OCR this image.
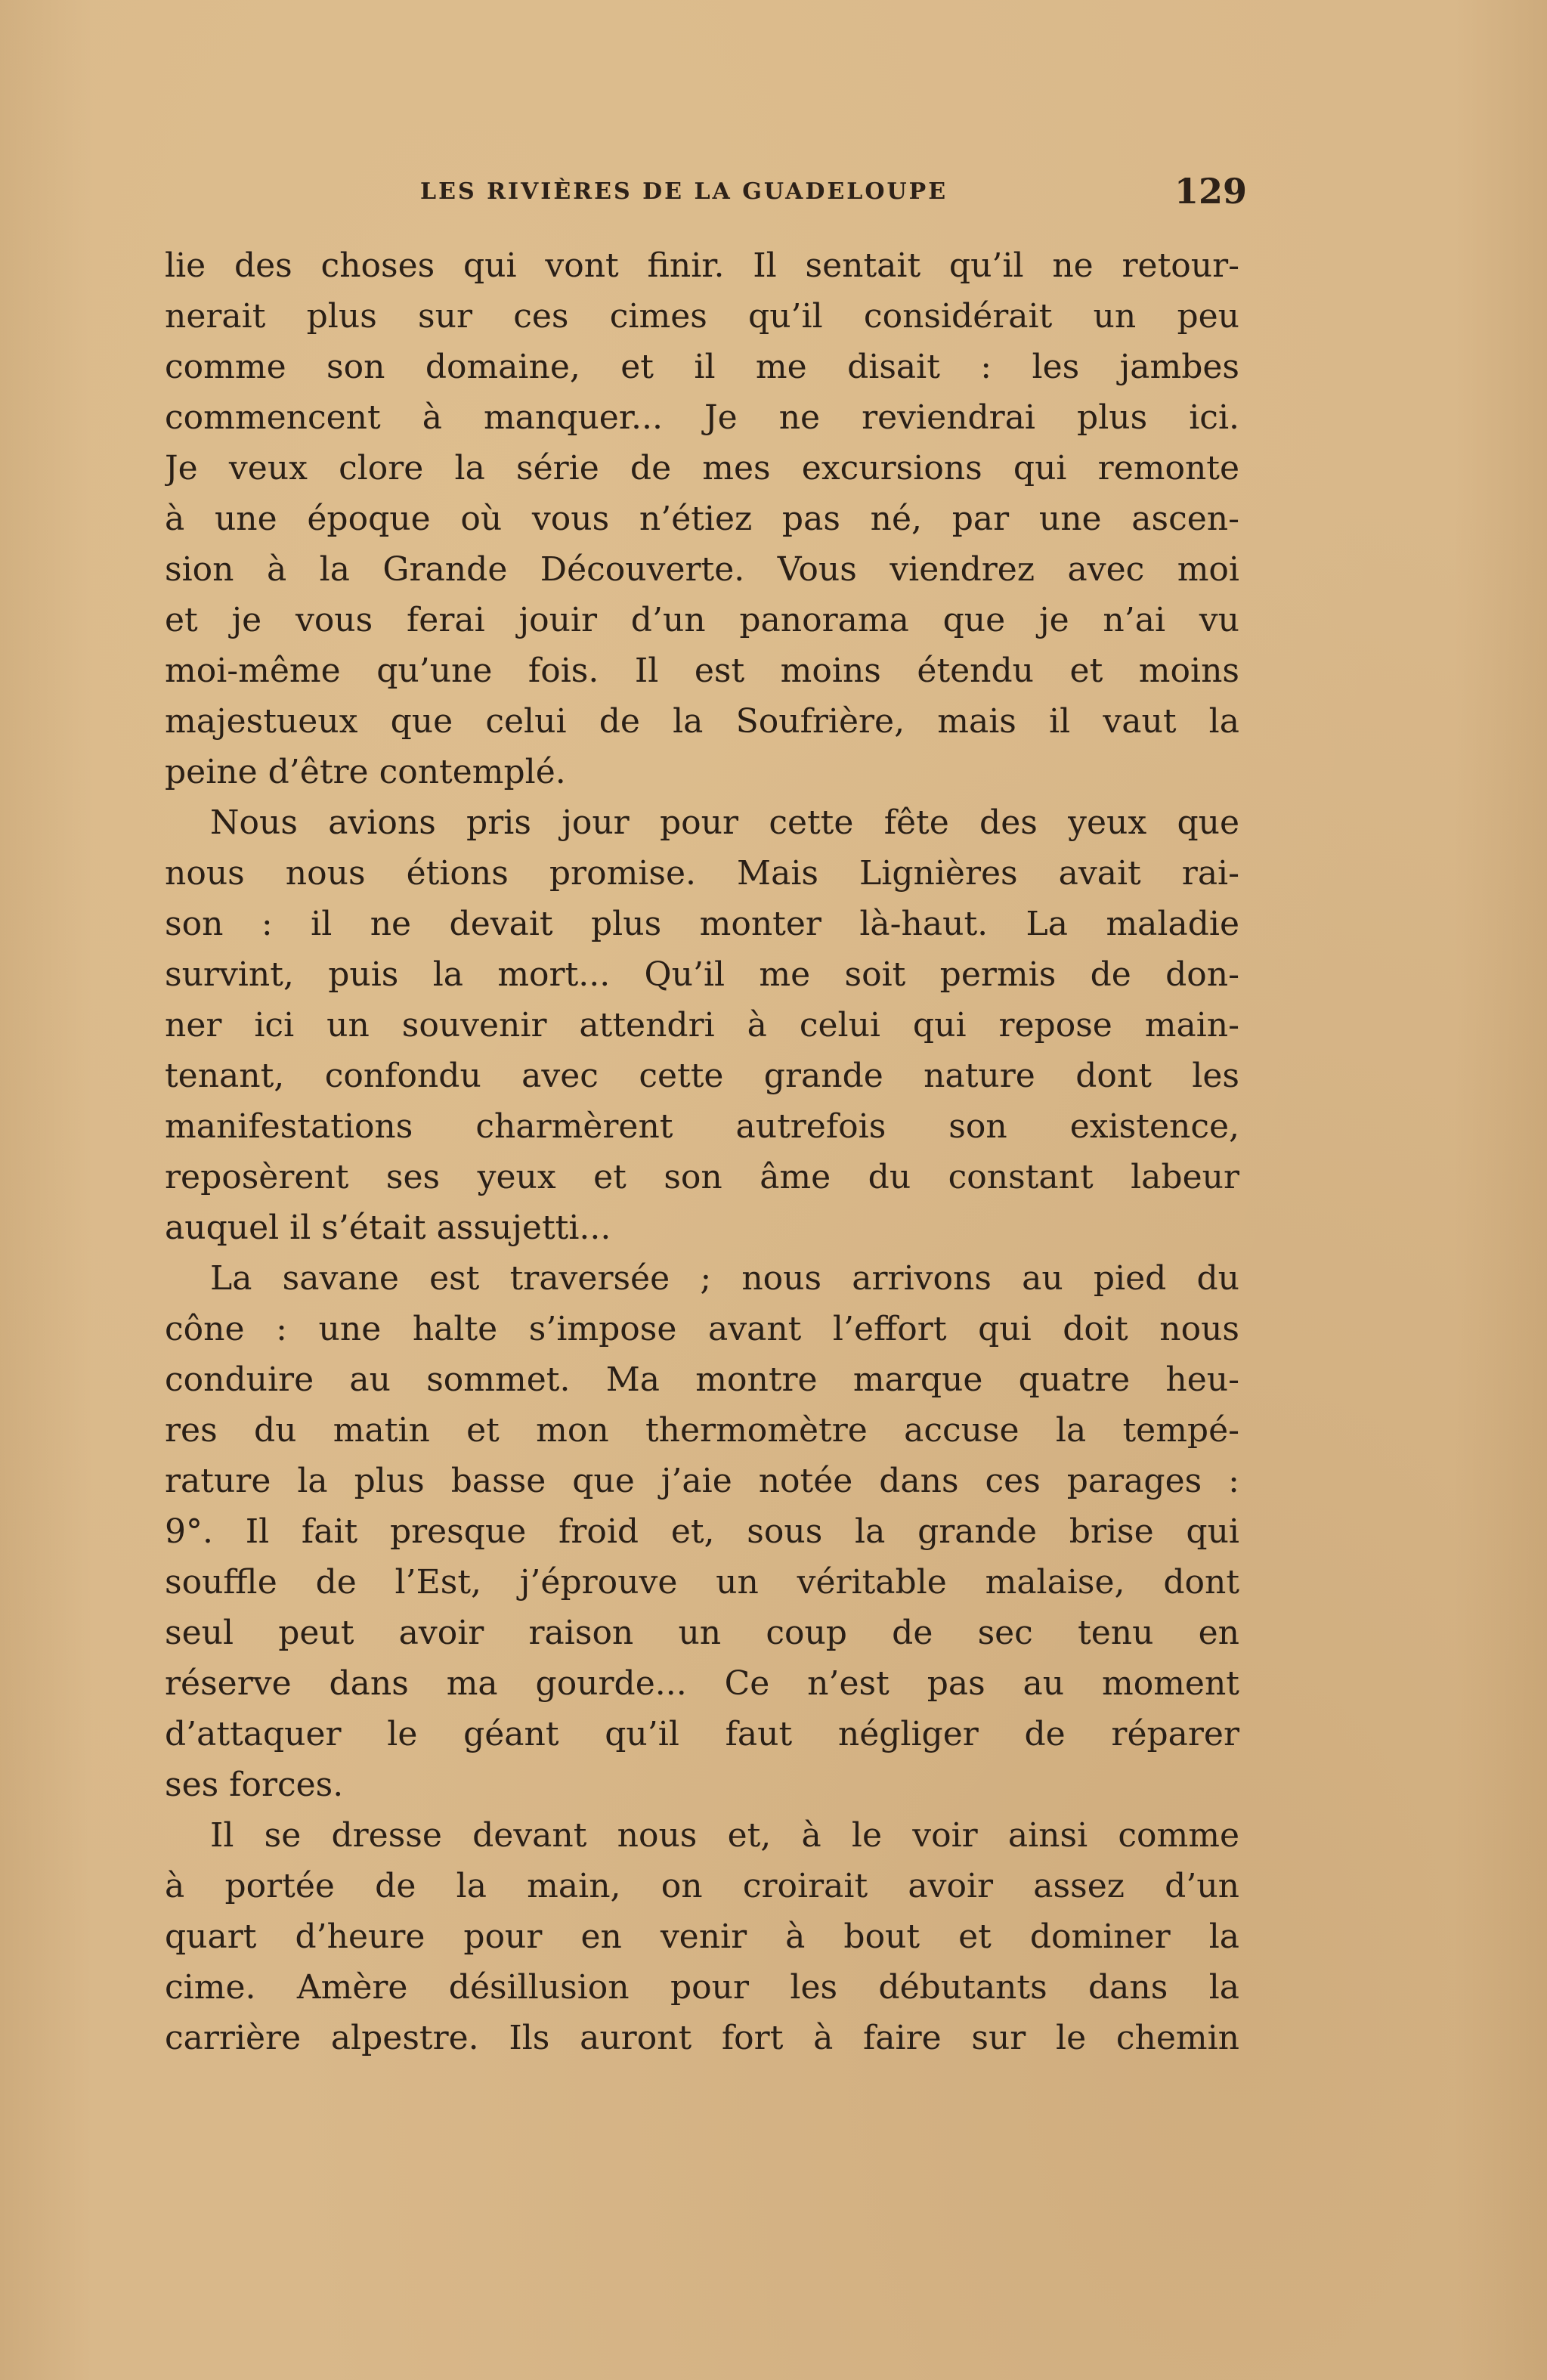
LES RIVIÈRES DE LA GUADELOUPE	129
lie des choses qui vont finir. Il sentait qu’il ne retour-
nerait plus sur ces cimes qu’il considérait un peu
comme son domaine, et il me disait : les jambes
commencent à manquer... Je ne reviendrai plus ici.
Je veux clore la série de mes excursions qui remonte
à une époque où vous n’étiez pas né, par une ascen-
sion à la Grande Découverte. Vous viendrez avec moi
et je vous ferai jouir d’un panorama que je n’ai vu
moi-même qu’une fois. Il est moins étendu et moins
majestueux que celui de la Soufrière, mais il vaut la
peine d’être contemplé.
Nous avions pris jour pour cette fête des yeux que
nous nous étions promise. Mais Lignières avait rai-
son : il ne devait plus monter là-haut. La maladie
survint, puis la mort... Qu’il me soit permis de don-
ner ici un souvenir attendri à celui qui repose main-
tenant, confondu avec cette grande nature dont les
manifestations charmèrent autrefois son existence,
reposèrent ses yeux et son âme du constant labeur
auquel il s’était assujetti...
La savane est traversée ; nous arrivons au pied du
cône : une halte s’impose avant l’effort qui doit nous
conduire au sommet. Ma montre marque quatre heu-
res du matin et mon thermomètre accuse la tempé-
rature la plus basse que j’aie notée dans ces parages :
9°. Il fait presque froid et, sous la grande brise qui
souffle de l’Est, j’éprouve un véritable malaise, dont
seul peut avoir raison un coup de sec tenu en
réserve dans ma gourde... Ce n’est pas au moment
d’attaquer le géant qu’il faut négliger de réparer
ses forces.
Il se dresse devant nous et, à le voir ainsi comme
à portée de la main, on croirait avoir assez d’un
quart d’heure pour en venir à bout et dominer la
cime. Amère désillusion pour les débutants dans la
carrière alpestre. Ils auront fort à faire sur le chemin
